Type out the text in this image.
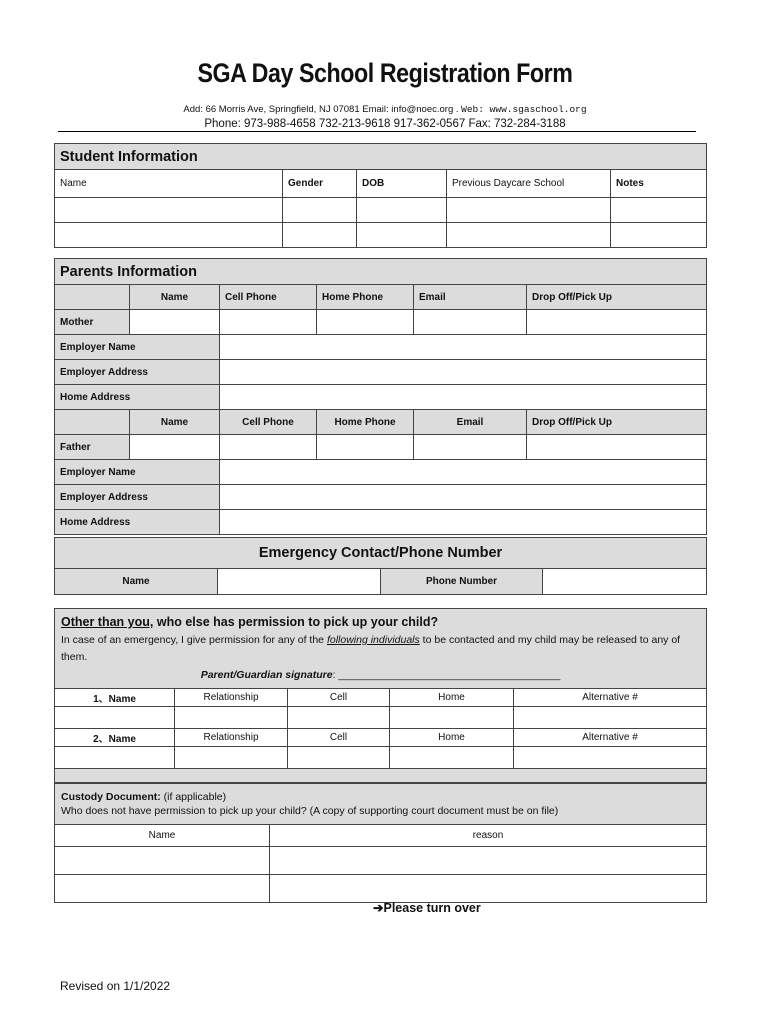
SGA Day School Registration Form
Add: 66 Morris Ave, Springfield, NJ 07081 Email: info@noec.org . Web: www.sgaschool.org
Phone: 973-988-4658 732-213-9618 917-362-0567 Fax: 732-284-3188
Student Information				
Name	Gender	DOB	Previous Daycare School	Notes

Parents Information					
	Name	Cell Phone	Home Phone	Email	Drop Off/Pick Up
Mother					
Employer Name					
Employer Address					
Home Address					
	Name	Cell Phone	Home Phone	Email	Drop Off/Pick Up
Father					
Employer Name					
Employer Address					
Home Address					
Emergency Contact/Phone Number
Name		Phone Number	
Other than you, who else has permission to pick up your child?
In case of an emergency, I give permission for any of the following individuals to be contacted and my child may be released to any of them.
Parent/Guardian signature: ______________________________________				

1、Name	Relationship	Cell	Home	Alternative #

2、Name	Relationship	Cell	Home	Alternative #

Custody Document: (if applicable)
Who does not have permission to pick up your child? (A copy of supporting court document must be on file)	

Name	reason

➔Please turn over
Revised on 1/1/2022
